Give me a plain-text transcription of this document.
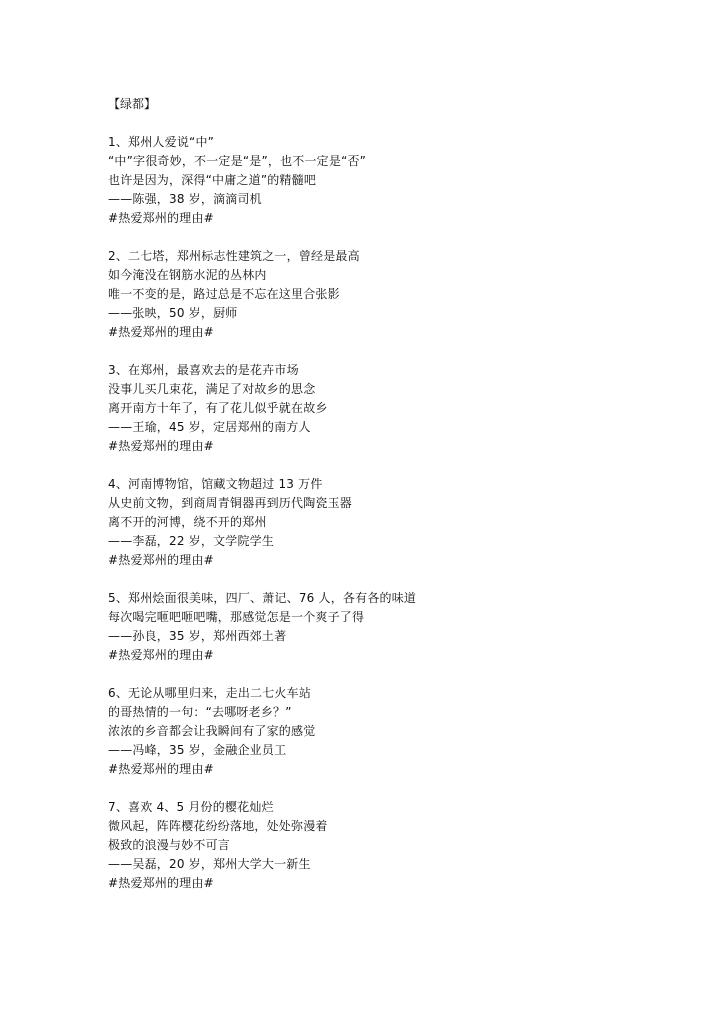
【绿都】
1、郑州人爱说“中”
“中”字很奇妙，不一定是“是”，也不一定是“否”
也许是因为，深得“中庸之道”的精髓吧
——陈强，38 岁，滴滴司机
#热爱郑州的理由#
2、二七塔，郑州标志性建筑之一，曾经是最高
如今淹没在钢筋水泥的丛林内
唯一不变的是，路过总是不忘在这里合张影
——张映，50 岁，厨师
#热爱郑州的理由#
3、在郑州，最喜欢去的是花卉市场
没事儿买几束花，满足了对故乡的思念
离开南方十年了，有了花儿似乎就在故乡
——王瑜，45 岁，定居郑州的南方人
#热爱郑州的理由#
4、河南博物馆，馆藏文物超过 13 万件
从史前文物，到商周青铜器再到历代陶瓷玉器
离不开的河博，绕不开的郑州
——李磊，22 岁，文学院学生
#热爱郑州的理由#
5、郑州烩面很美味，四厂、萧记、76 人，各有各的味道
每次喝完咂吧咂吧嘴，那感觉怎是一个爽子了得
——孙良，35 岁，郑州西郊土著
#热爱郑州的理由#
6、无论从哪里归来，走出二七火车站
的哥热情的一句：“去哪呀老乡？”
浓浓的乡音都会让我瞬间有了家的感觉
——冯峰，35 岁，金融企业员工
#热爱郑州的理由#
7、喜欢 4、5 月份的樱花灿烂
微风起，阵阵樱花纷纷落地，处处弥漫着
极致的浪漫与妙不可言
——吴磊，20 岁，郑州大学大一新生
#热爱郑州的理由#
